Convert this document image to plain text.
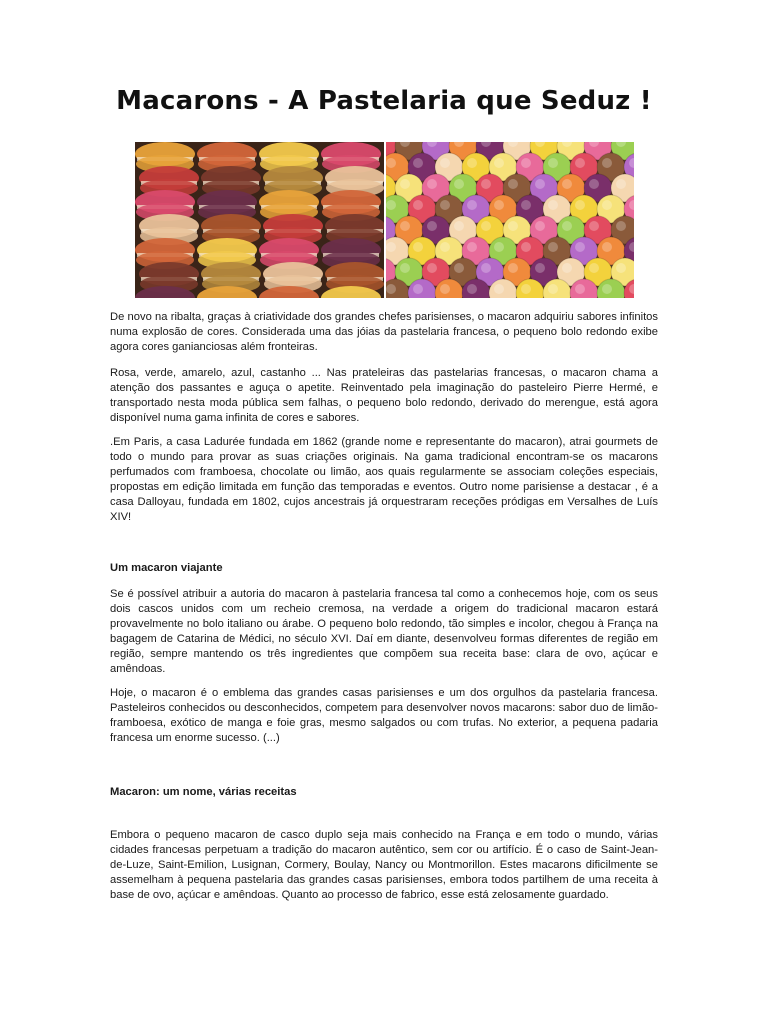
Macarons - A Pastelaria que Seduz !

De novo na ribalta, graças à criatividade dos grandes chefes parisienses, o macaron adquiriu sabores infinitos numa explosão de cores. Considerada uma das jóias da pastelaria francesa, o pequeno bolo redondo exibe agora cores ganianciosas além fronteiras.

Rosa, verde, amarelo, azul, castanho ... Nas prateleiras das pastelarias francesas, o macaron chama a atenção dos passantes e aguça o apetite. Reinventado pela imaginação do pasteleiro Pierre Hermé, e transportado nesta moda pública sem falhas, o pequeno bolo redondo, derivado do merengue, está agora disponível numa gama infinita de cores e sabores.

.Em Paris, a casa Ladurée fundada em 1862 (grande nome e representante do macaron), atrai gourmets de todo o mundo para provar as suas criações originais. Na gama tradicional encontram-se os macarons perfumados com framboesa, chocolate ou limão, aos quais regularmente se associam coleções especiais, propostas em edição limitada em função das temporadas e eventos. Outro nome parisiense a destacar , é a casa Dalloyau, fundada em 1802, cujos ancestrais já orquestraram receções pródigas em Versalhes de Luís XIV!

Um macaron viajante

Se é possível atribuir a autoria do macaron à pastelaria francesa tal como a conhecemos hoje, com os seus dois cascos unidos com um recheio cremosa, na verdade a origem do tradicional macaron estará provavelmente no bolo italiano ou árabe. O pequeno bolo redondo, tão simples e incolor, chegou à França na bagagem de Catarina de Médici, no século XVI. Daí em diante, desenvolveu formas diferentes de região em região, sempre mantendo os três ingredientes que compõem sua receita base: clara de ovo, açúcar e amêndoas.

Hoje, o macaron é o emblema das grandes casas parisienses e um dos orgulhos da pastelaria francesa. Pasteleiros conhecidos ou desconhecidos, competem para desenvolver novos macarons: sabor duo de limão-framboesa, exótico de manga e foie gras, mesmo salgados ou com trufas. No exterior, a pequena padaria francesa um enorme sucesso. (...)

Macaron: um nome, várias receitas

Embora o pequeno macaron de casco duplo seja mais conhecido na França e em todo o mundo, várias cidades francesas perpetuam a tradição do macaron autêntico, sem cor ou artifício. É o caso de Saint-Jean-de-Luze, Saint-Emilion, Lusignan, Cormery, Boulay, Nancy ou Montmorillon. Estes macarons dificilmente se assemelham à pequena pastelaria das grandes casas parisienses, embora todos partilhem de uma receita à base de ovo, açúcar e amêndoas. Quanto ao processo de fabrico, esse está zelosamente guardado.
